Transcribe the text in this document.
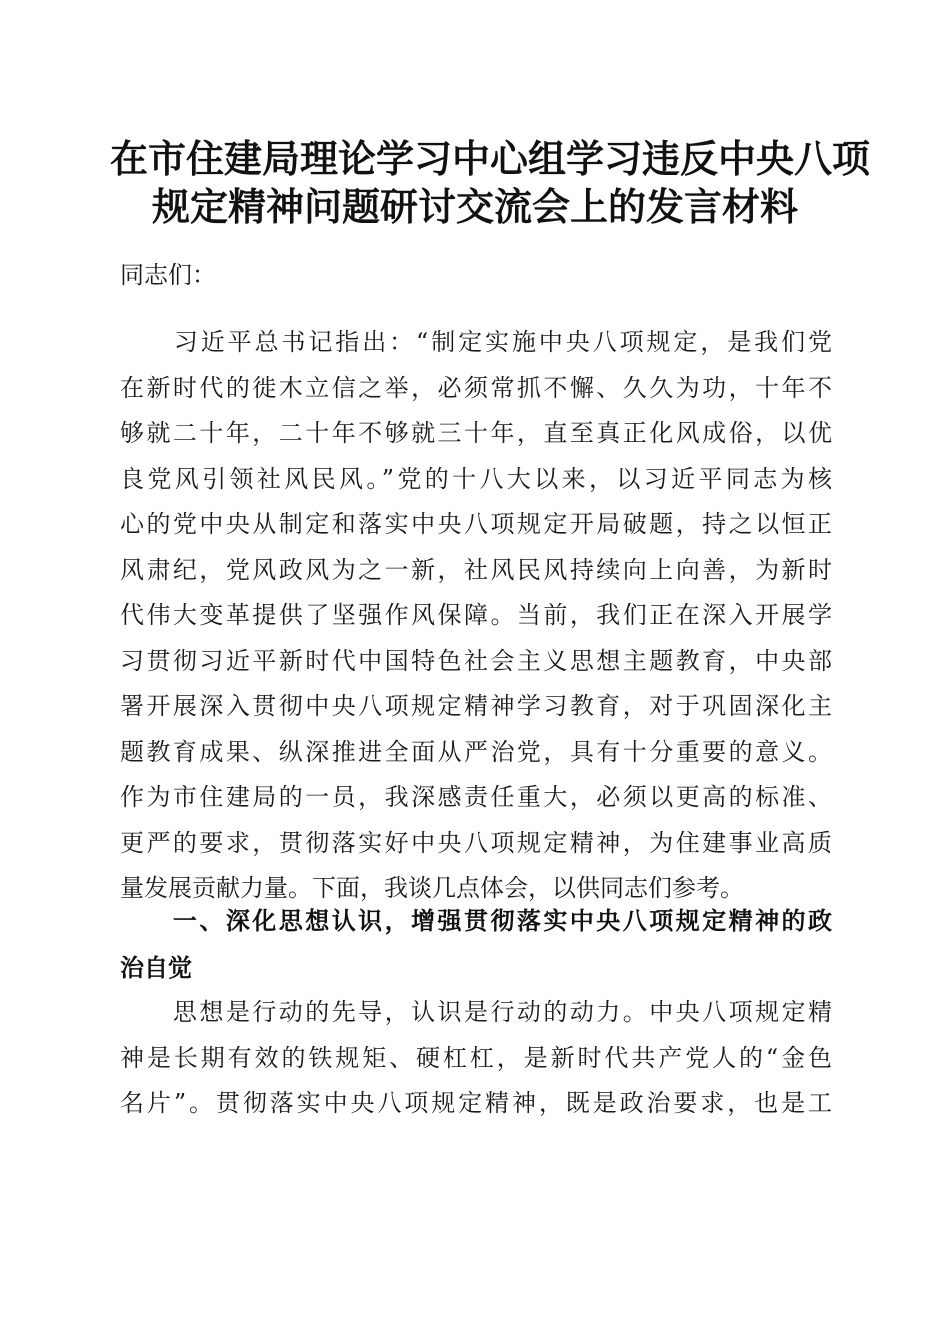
在市住建局理论学习中心组学习违反中央八项
规定精神问题研讨交流会上的发言材料
同志们：
　　习近平总书记指出：“制定实施中央八项规定，是我们党
在新时代的徙木立信之举，必须常抓不懈、久久为功，十年不
够就二十年，二十年不够就三十年，直至真正化风成俗，以优
良党风引领社风民风。”党的十八大以来，以习近平同志为核
心的党中央从制定和落实中央八项规定开局破题，持之以恒正
风肃纪，党风政风为之一新，社风民风持续向上向善，为新时
代伟大变革提供了坚强作风保障。当前，我们正在深入开展学
习贯彻习近平新时代中国特色社会主义思想主题教育，中央部
署开展深入贯彻中央八项规定精神学习教育，对于巩固深化主
题教育成果、纵深推进全面从严治党，具有十分重要的意义。
作为市住建局的一员，我深感责任重大，必须以更高的标准、
更严的要求，贯彻落实好中央八项规定精神，为住建事业高质
量发展贡献力量。下面，我谈几点体会，以供同志们参考。
　　一、深化思想认识，增强贯彻落实中央八项规定精神的政
治自觉
　　思想是行动的先导，认识是行动的动力。中央八项规定精
神是长期有效的铁规矩、硬杠杠，是新时代共产党人的“金色
名片”。贯彻落实中央八项规定精神，既是政治要求，也是工
